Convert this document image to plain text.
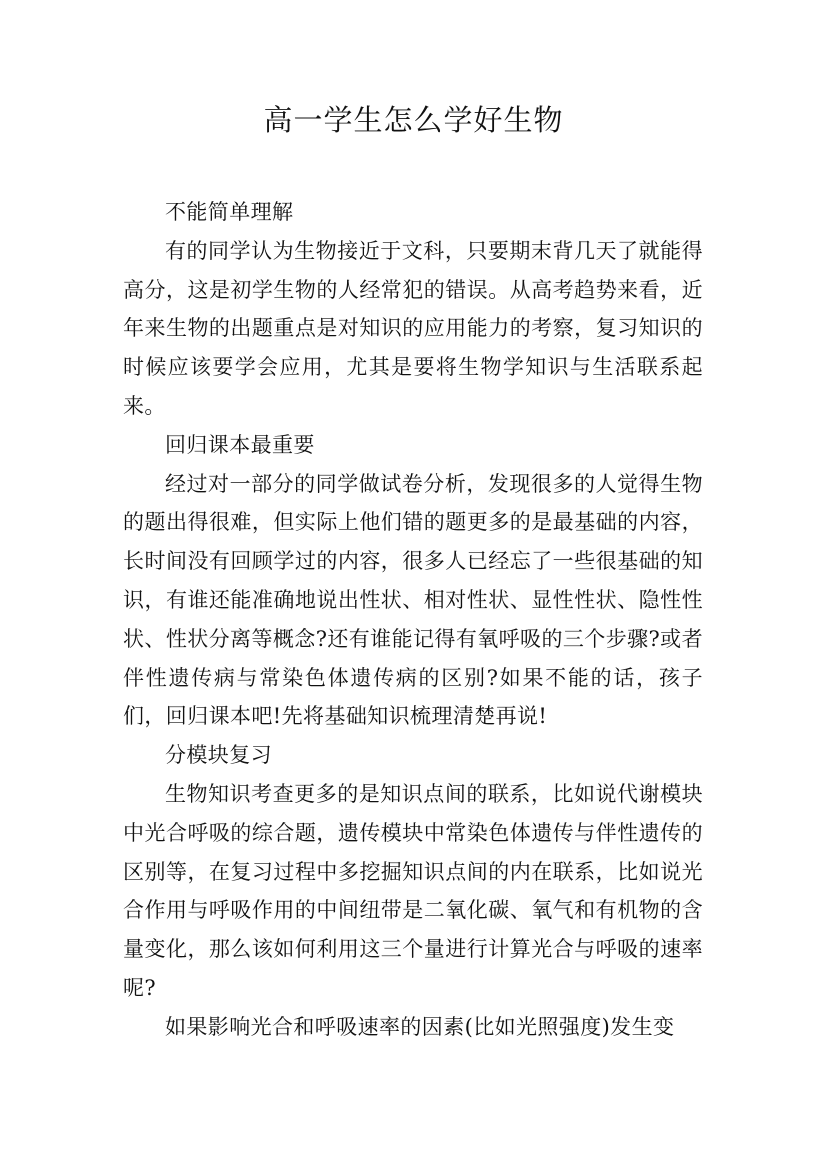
高一学生怎么学好生物

不能简单理解

有的同学认为生物接近于文科，只要期末背几天了就能得高分，这是初学生物的人经常犯的错误。从高考趋势来看，近年来生物的出题重点是对知识的应用能力的考察，复习知识的时候应该要学会应用，尤其是要将生物学知识与生活联系起来。

回归课本最重要

经过对一部分的同学做试卷分析，发现很多的人觉得生物的题出得很难，但实际上他们错的题更多的是最基础的内容，长时间没有回顾学过的内容，很多人已经忘了一些很基础的知识，有谁还能准确地说出性状、相对性状、显性性状、隐性性状、性状分离等概念?还有谁能记得有氧呼吸的三个步骤?或者伴性遗传病与常染色体遗传病的区别?如果不能的话，孩子们，回归课本吧!先将基础知识梳理清楚再说!

分模块复习

生物知识考查更多的是知识点间的联系，比如说代谢模块中光合呼吸的综合题，遗传模块中常染色体遗传与伴性遗传的区别等，在复习过程中多挖掘知识点间的内在联系，比如说光合作用与呼吸作用的中间纽带是二氧化碳、氧气和有机物的含量变化，那么该如何利用这三个量进行计算光合与呼吸的速率呢?

如果影响光合和呼吸速率的因素(比如光照强度)发生变
